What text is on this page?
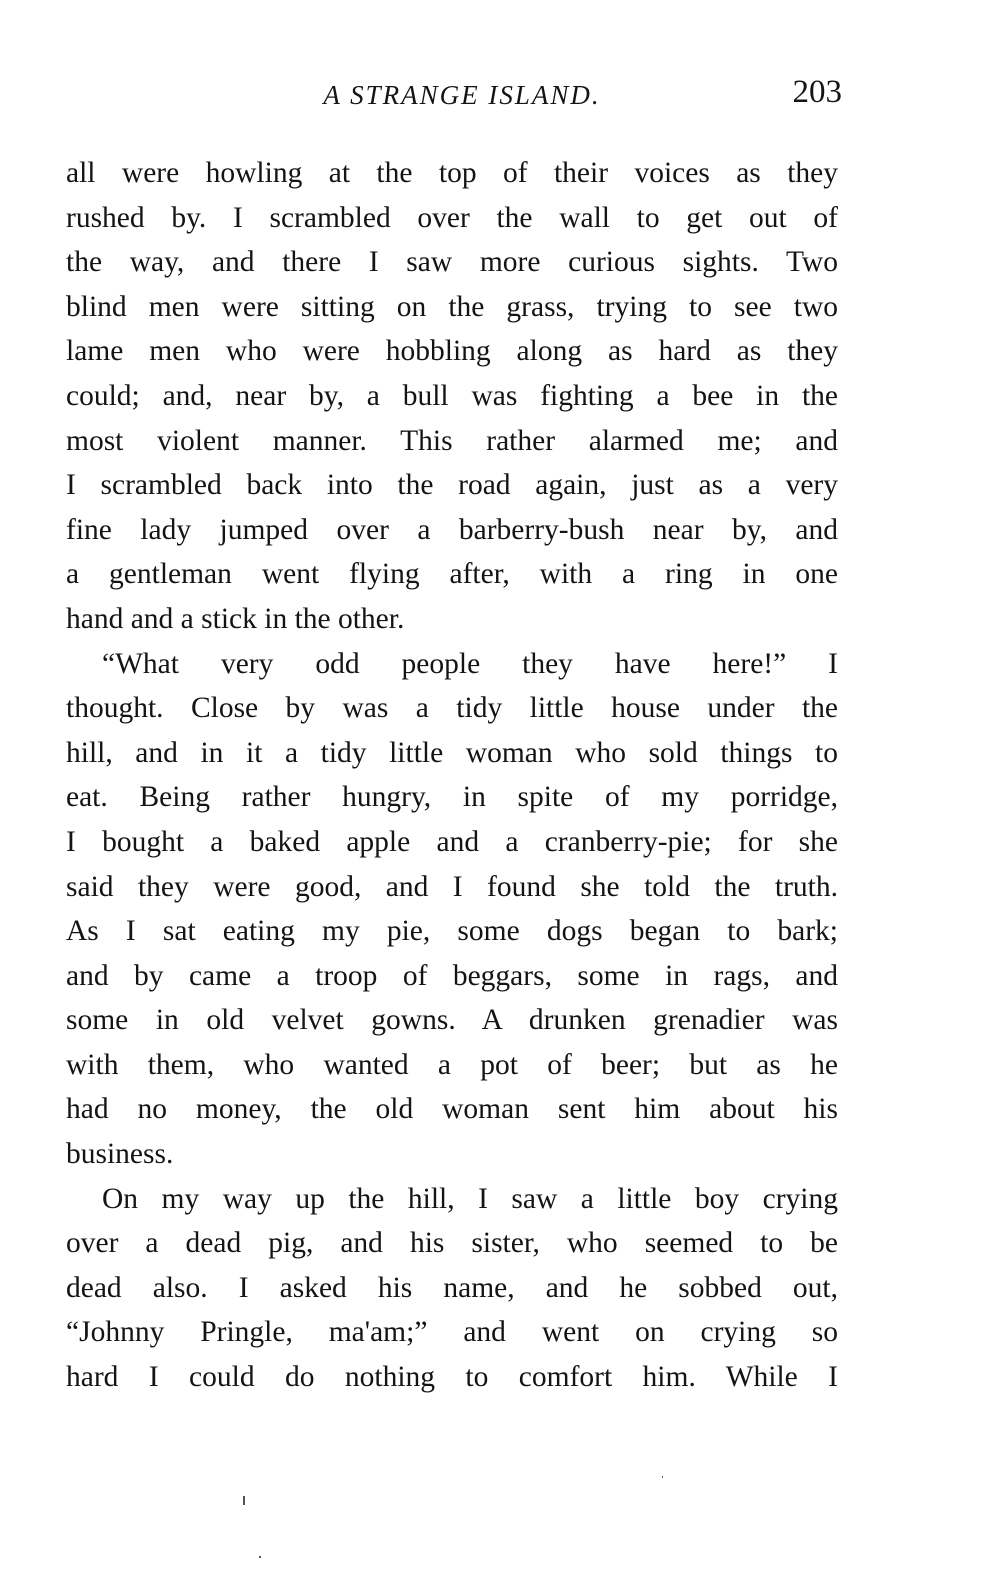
A STRANGE ISLAND.	203
all were howling at the top of their voices as they
rushed by. I scrambled over the wall to get out of
the way, and there I saw more curious sights. Two
blind men were sitting on the grass, trying to see two
lame men who were hobbling along as hard as they
could; and, near by, a bull was fighting a bee in the
most violent manner. This rather alarmed me; and
I scrambled back into the road again, just as a very
fine lady jumped over a barberry-bush near by, and
a gentleman went flying after, with a ring in one
hand and a stick in the other.
“What very odd people they have here!” I
thought. Close by was a tidy little house under the
hill, and in it a tidy little woman who sold things to
eat. Being rather hungry, in spite of my porridge,
I bought a baked apple and a cranberry-pie; for she
said they were good, and I found she told the truth.
As I sat eating my pie, some dogs began to bark;
and by came a troop of beggars, some in rags, and
some in old velvet gowns. A drunken grenadier was
with them, who wanted a pot of beer; but as he
had no money, the old woman sent him about his
business.
On my way up the hill, I saw a little boy crying
over a dead pig, and his sister, who seemed to be
dead also. I asked his name, and he sobbed out,
“Johnny Pringle, ma'am;” and went on crying so
hard I could do nothing to comfort him. While I
